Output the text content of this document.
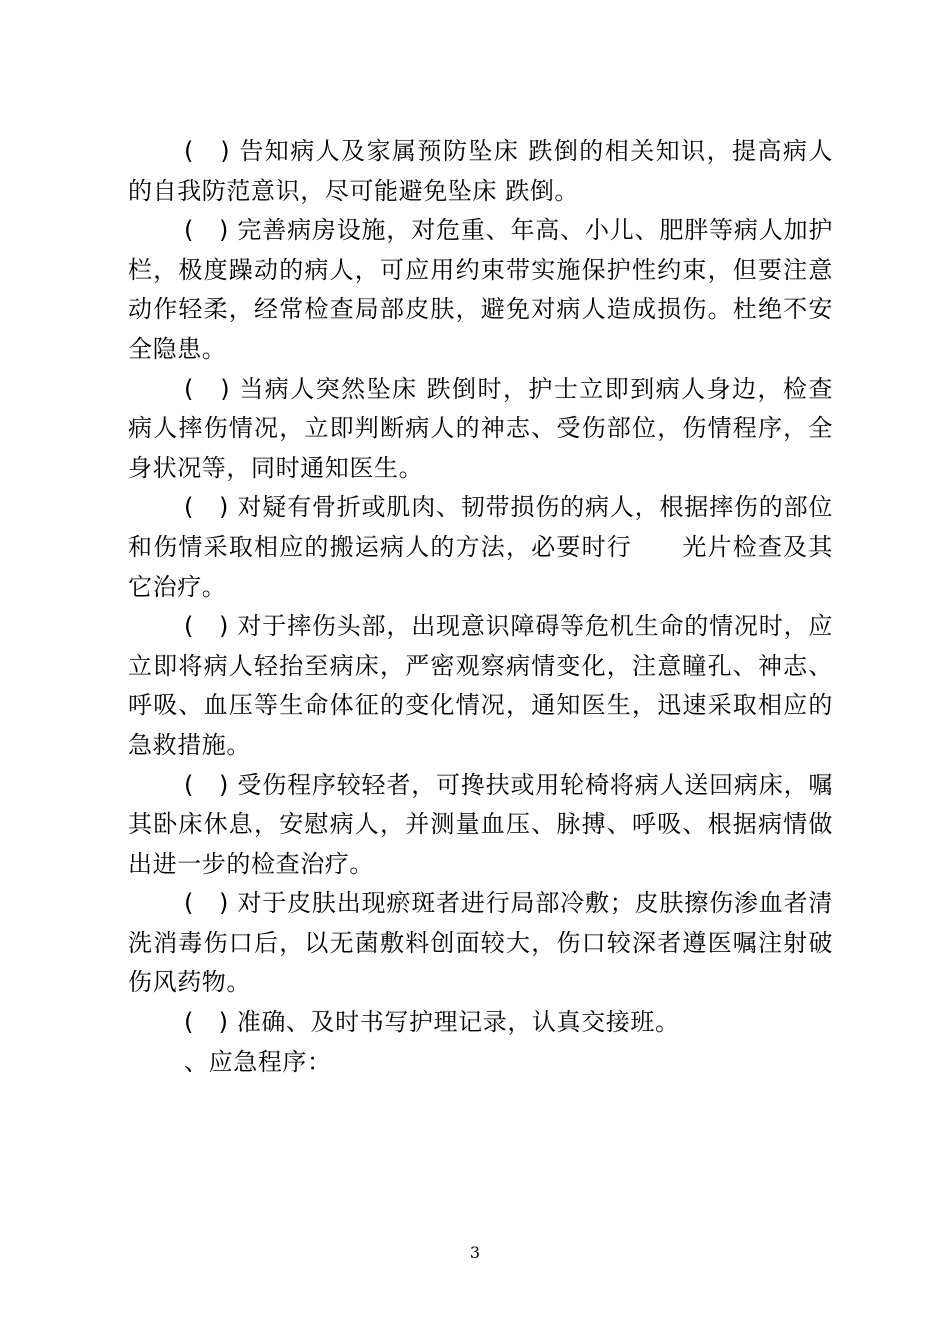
(　) 告知病人及家属预防坠床 跌倒的相关知识，提高病人的自我防范意识，尽可能避免坠床 跌倒。

(　) 完善病房设施，对危重、年高、小儿、肥胖等病人加护栏，极度躁动的病人，可应用约束带实施保护性约束，但要注意动作轻柔，经常检查局部皮肤，避免对病人造成损伤。杜绝不安全隐患。

(　) 当病人突然坠床 跌倒时，护士立即到病人身边，检查病人摔伤情况，立即判断病人的神志、受伤部位，伤情程序，全身状况等，同时通知医生。

(　) 对疑有骨折或肌肉、韧带损伤的病人，根据摔伤的部位和伤情采取相应的搬运病人的方法，必要时行　　光片检查及其它治疗。

(　) 对于摔伤头部，出现意识障碍等危机生命的情况时，应立即将病人轻抬至病床，严密观察病情变化，注意瞳孔、神志、呼吸、血压等生命体征的变化情况，通知医生，迅速采取相应的急救措施。

(　) 受伤程序较轻者，可搀扶或用轮椅将病人送回病床，嘱其卧床休息，安慰病人，并测量血压、脉搏、呼吸、根据病情做出进一步的检查治疗。

(　) 对于皮肤出现瘀斑者进行局部冷敷；皮肤擦伤渗血者清洗消毒伤口后，以无菌敷料创面较大，伤口较深者遵医嘱注射破伤风药物。

(　) 准确、及时书写护理记录，认真交接班。

、应急程序：

3
